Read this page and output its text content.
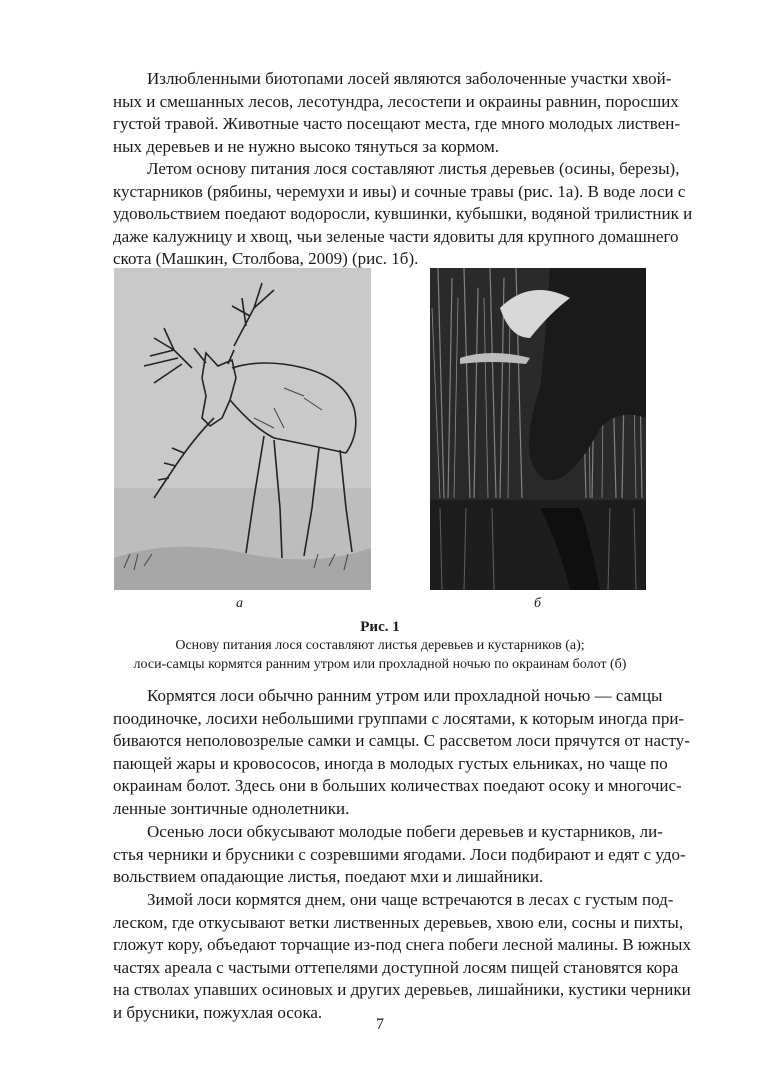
Излюбленными биотопами лосей являются заболоченные участки хвой-
ных и смешанных лесов, лесотундра, лесостепи и окраины равнин, поросших
густой травой. Животные часто посещают места, где много молодых листвен-
ных деревьев и не нужно высоко тянуться за кормом.

Летом основу питания лося составляют листья деревьев (осины, березы),
кустарников (рябины, черемухи и ивы) и сочные травы (рис. 1а). В воде лоси с
удовольствием поедают водоросли, кувшинки, кубышки, водяной трилистник и
даже калужницу и хвощ, чьи зеленые части ядовиты для крупного домашнего
скота (Машкин, Столбова, 2009) (рис. 1б).

а	б
Рис. 1
Основу питания лося составляют листья деревьев и кустарников (а);
лоси-самцы кормятся ранним утром или прохладной ночью по окраинам болот (б)

Кормятся лоси обычно ранним утром или прохладной ночью — самцы
поодиночке, лосихи небольшими группами с лосятами, к которым иногда при-
биваются неполовозрелые самки и самцы. С рассветом лоси прячутся от насту-
пающей жары и кровососов, иногда в молодых густых ельниках, но чаще по
окраинам болот. Здесь они в больших количествах поедают осоку и многочис-
ленные зонтичные однолетники.

Осенью лоси обкусывают молодые побеги деревьев и кустарников, ли-
стья черники и брусники с созревшими ягодами. Лоси подбирают и едят с удо-
вольствием опадающие листья, поедают мхи и лишайники.

Зимой лоси кормятся днем, они чаще встречаются в лесах с густым под-
леском, где откусывают ветки лиственных деревьев, хвою ели, сосны и пихты,
гложут кору, объедают торчащие из-под снега побеги лесной малины. В южных
частях ареала с частыми оттепелями доступной лосям пищей становятся кора
на стволах упавших осиновых и других деревьев, лишайники, кустики черники
и брусники, пожухлая осока.

7
